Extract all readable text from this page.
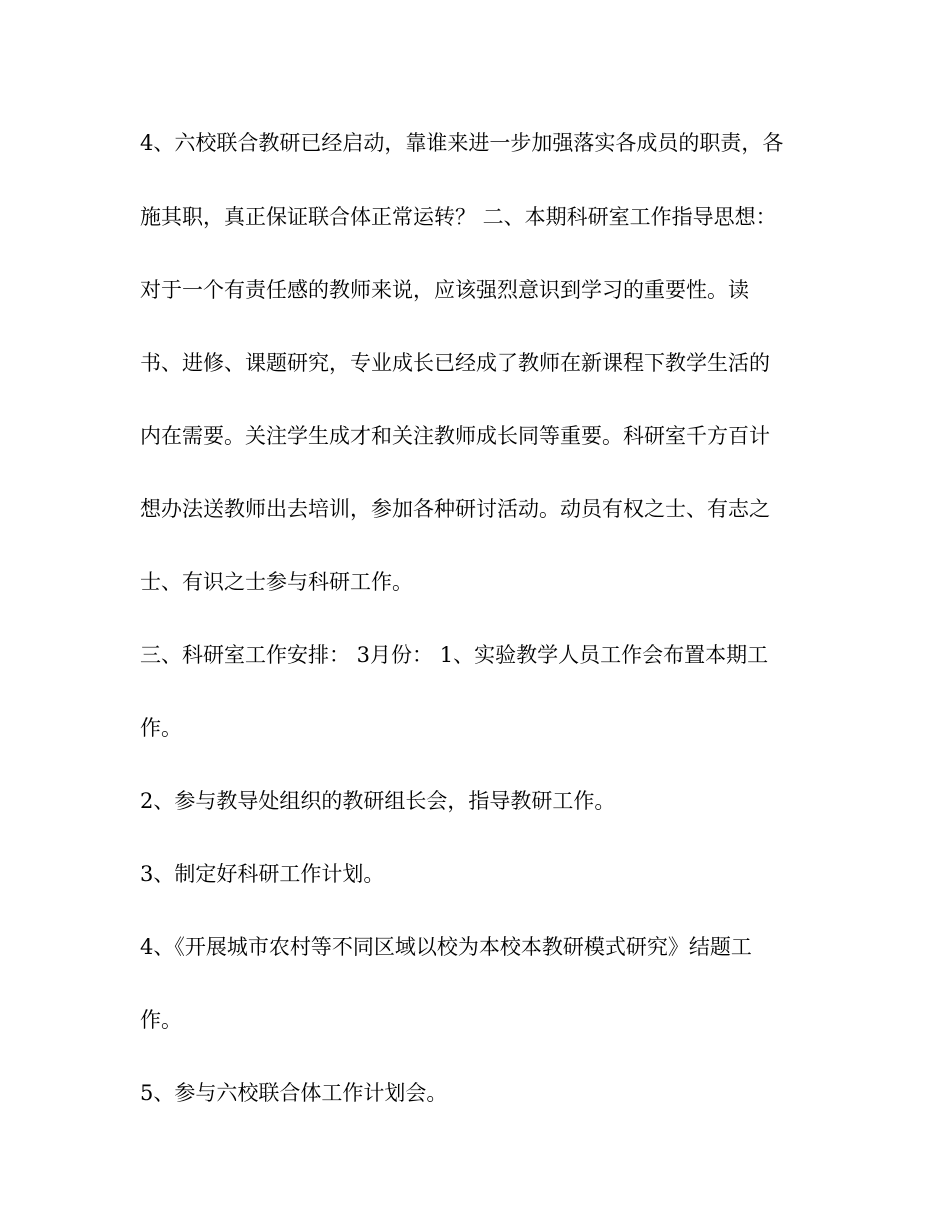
4、六校联合教研已经启动，靠谁来进一步加强落实各成员的职责，各
施其职，真正保证联合体正常运转？ 二、本期科研室工作指导思想：
对于一个有责任感的教师来说，应该强烈意识到学习的重要性。读
书、进修、课题研究，专业成长已经成了教师在新课程下教学生活的
内在需要。关注学生成才和关注教师成长同等重要。科研室千方百计
想办法送教师出去培训，参加各种研讨活动。动员有权之士、有志之
士、有识之士参与科研工作。
三、科研室工作安排： 3月份： 1、实验教学人员工作会布置本期工
作。
2、参与教导处组织的教研组长会，指导教研工作。
3、制定好科研工作计划。
4、《开展城市农村等不同区域以校为本校本教研模式研究》结题工
作。
5、参与六校联合体工作计划会。
